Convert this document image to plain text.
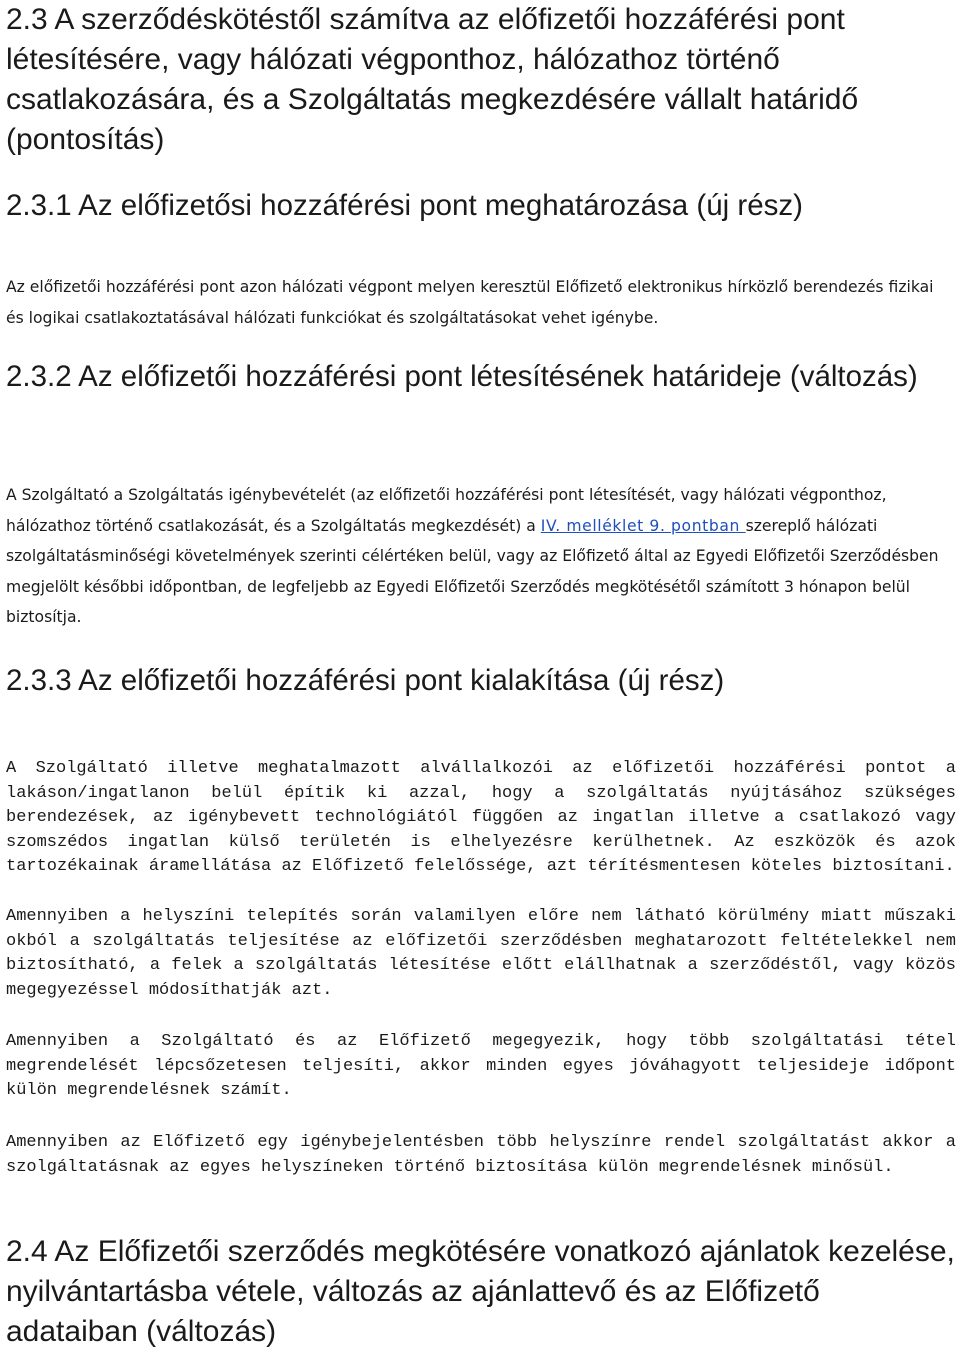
2.3 A szerződéskötéstől számítva az előfizetői hozzáférési pont létesítésére, vagy hálózati végponthoz, hálózathoz történő csatlakozására, és a Szolgáltatás megkezdésére vállalt határidő (pontosítás)
2.3.1 Az előfizetősi hozzáférési pont meghatározása (új rész)

Az előfizetői hozzáférési pont azon hálózati végpont melyen keresztül Előfizető elektronikus hírközlő berendezés fizikai és logikai csatlakoztatásával hálózati funkciókat és szolgáltatásokat vehet igénybe.

2.3.2 Az előfizetői hozzáférési pont létesítésének határideje (változás)

A Szolgáltató a Szolgáltatás igénybevételét (az előfizetői hozzáférési pont létesítését, vagy hálózati végponthoz, hálózathoz történő csatlakozását, és a Szolgáltatás megkezdését) a IV. melléklet 9. pontban szereplő hálózati szolgáltatásminőségi követelmények szerinti célértéken belül, vagy az Előfizető által az Egyedi Előfizetői Szerződésben megjelölt későbbi időpontban, de legfeljebb az Egyedi Előfizetői Szerződés megkötésétől számított 3 hónapon belül biztosítja.

2.3.3 Az előfizetői hozzáférési pont kialakítása (új rész)

A Szolgáltató illetve meghatalmazott alvállalkozói az előfizetői hozzáférési pontot a lakáson/ingatlanon belül építik ki azzal, hogy a szolgáltatás nyújtásához szükséges berendezések, az igénybevett technológiától függően az ingatlan illetve a csatlakozó vagy szomszédos ingatlan külső területén is elhelyezésre kerülhetnek. Az eszközök és azok tartozékainak áramellátása az Előfizető felelőssége, azt térítésmentesen köteles biztosítani.

Amennyiben a helyszíni telepítés során valamilyen előre nem látható körülmény miatt műszaki okból a szolgáltatás teljesítése az előfizetői szerződésben meghatarozott feltételekkel nem biztosítható, a felek a szolgáltatás létesítése előtt elállhatnak a szerződéstől, vagy közös megegyezéssel módosíthatják azt.

Amennyiben a Szolgáltató és az Előfizető megegyezik, hogy több szolgáltatási tétel megrendelését lépcsőzetesen teljesíti, akkor minden egyes jóváhagyott teljesideje időpont külön megrendelésnek számít.

Amennyiben az Előfizető egy igénybejelentésben több helyszínre rendel szolgáltatást akkor a szolgáltatásnak az egyes helyszíneken történő biztosítása külön megrendelésnek minősül.

2.4 Az Előfizetői szerződés megkötésére vonatkozó ajánlatok kezelése, nyilvántartásba vétele, változás az ajánlattevő és az Előfizető adataiban (változás)
